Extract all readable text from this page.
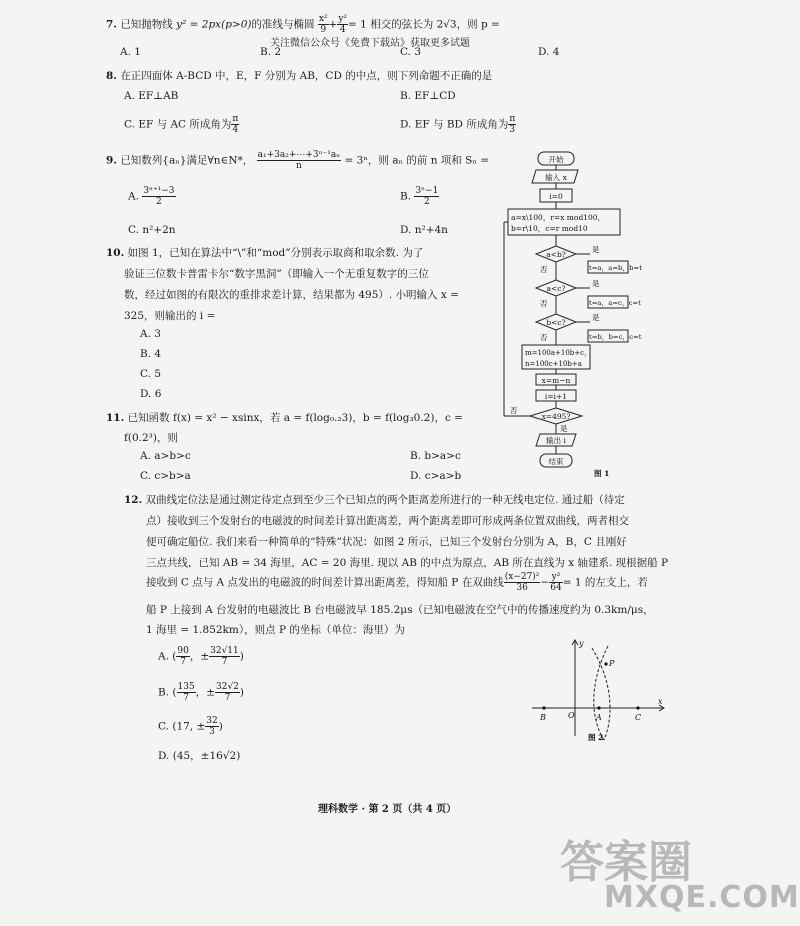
关注微信公众号《免费下载站》获取更多试题
7. 已知抛物线 y² = 2px(p>0)的准线与椭圆 $\frac{\text{x²}}{9} + \frac{\text{y²}}{4} = 1$ 相交的弦长为 2√3，则 p =
A. 1	B. 2	C. 3	D. 4
8. 在正四面体 A-BCD 中，E，F 分别为 AB，CD 的中点，则下列命题不正确的是
A. EF⊥AB	B. EF⊥CD
C. EF 与 AC 所成角为 $\frac{\pi}{4}$	D. EF 与 BD 所成角为 $\frac{\pi}{3}$
9. 已知数列{aₙ}满足∀n∈N*， $\frac{\text{a₁+3a₂+⋯+3ⁿ⁻¹aₙ}}{n} = 3^n$，则 aₙ 的前 n 项和 Sₙ =
A. $\frac{\text{3ⁿ⁺¹−3}}{2}$	B. $\frac{\text{3ⁿ−1}}{2}$
C. n²+2n	D. n²+4n
10. 如图 1，已知在算法中“\”和“mod”分别表示取商和取余数. 为了
验证三位数卡普雷卡尔“数字黑洞”（即输入一个无重复数字的三位
数，经过如图的有限次的重排求差计算，结果都为 495）. 小明输入 x =
325，则输出的 i =
A. 3
B. 4
C. 5
D. 6
11. 已知函数 f(x) = x² − xsinx，若 a = f(log₀.₂3)，b = f(log₃0.2)，c =
f(0.2³)，则
A. a>b>c	B. b>a>c
C. c>b>a	D. c>a>b
12. 双曲线定位法是通过测定待定点到至少三个已知点的两个距离差所进行的一种无线电定位. 通过船（待定
点）接收到三个发射台的电磁波的时间差计算出距离差，两个距离差即可形成两条位置双曲线，两者相交
便可确定船位. 我们来看一种简单的“特殊”状况：如图 2 所示，已知三个发射台分别为 A，B，C 且刚好
三点共线，已知 AB = 34 海里，AC = 20 海里. 现以 AB 的中点为原点，AB 所在直线为 x 轴建系. 现根据船 P
接收到 C 点与 A 点发出的电磁波的时间差计算出距离差，得知船 P 在双曲线 $\frac{\text{(x−27)²}}{36} - \frac{\text{y²}}{64} = 1$ 的左支上，若
船 P 上接到 A 台发射的电磁波比 B 台电磁波早 185.2μs（已知电磁波在空气中的传播速度约为 0.3km/μs，
1 海里 = 1.852km），则点 P 的坐标（单位：海里）为
A. ( $\frac{90}{7}$ ，± $\frac{32√11}{7}$ )
B. ( $\frac{135}{7}$ ，± $\frac{32√2}{7}$ )
C. (17, ± $\frac{32}{3}$ )
D. (45，±16√2)
开始
输入 x
i=0
a=x\100，r=x mod100，
b=r\10，c=r mod10
a<b?
是
否	t=a，a=b，b=t
a<c?
是
否	t=a，a=c，c=t
b<c?
是
否	t=b，b=c，c=t
m=100a+10b+c，
n=100c+10b+a
x=m−n
i=i+1
x=495?
否
是
输出 i
结束
图 1
y
x
O
B	A	C
P
图 2
理科数学 · 第 2 页（共 4 页）
答案圈
MXQE.COM
